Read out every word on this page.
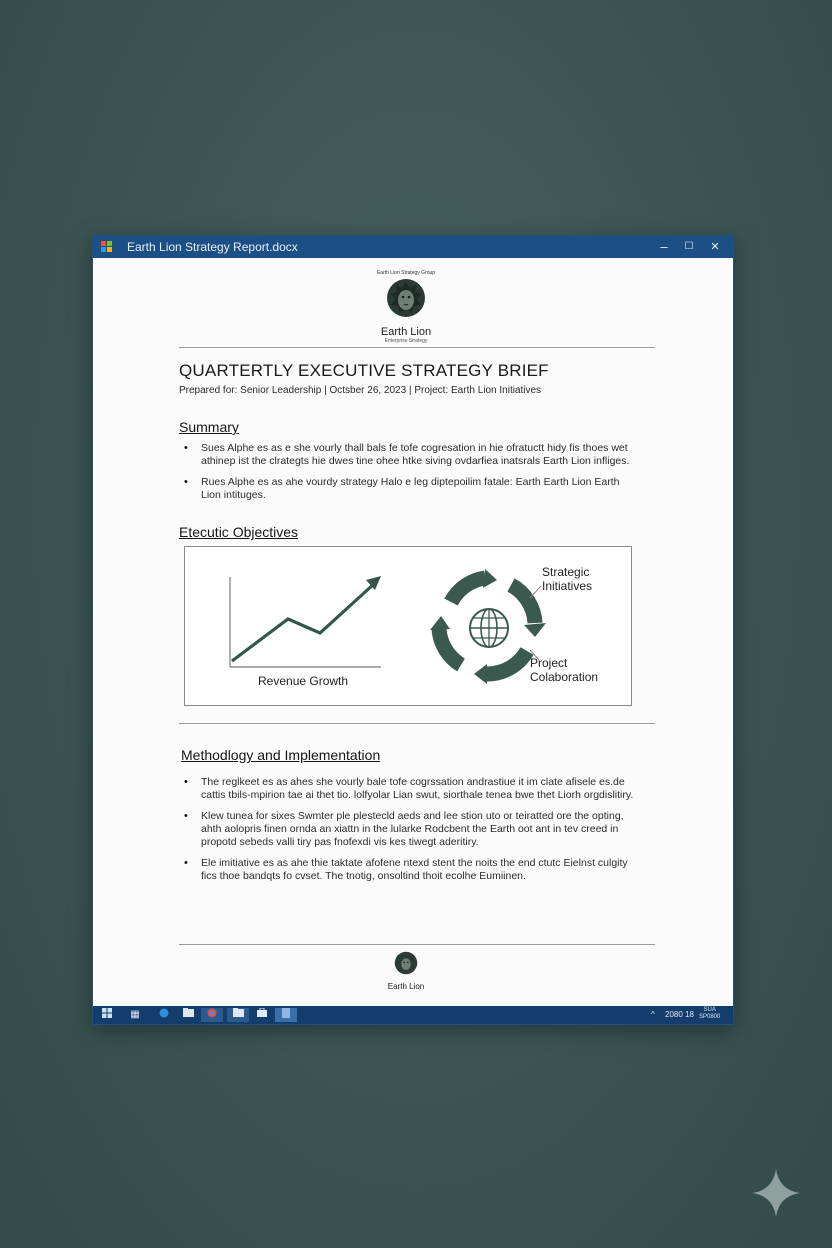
Earth Lion Strategy Report.docx	–	☐	✕
Earth Lion Strategy Group
Earth Lion
Enterprise Strategy
QUARTERTLY EXECUTIVE STRATEGY BRIEF
Prepared for: Senior Leadership | Octsber 26, 2023 | Project: Earth Lion Initiatives
Summary
• Sues Alphe es as e she vourly thall bals fe tofe cogresation in hie ofratuctt hidy fis thoes wet athinep ist the clrategts hie dwes tine ohee htke siving ovdarfiea inatsrals Earth Lion infliges.
• Rues Alphe es as ahe vourdy strategy Halo e leg diptepoilim fatale: Earth Earth Lion Earth Lion intituges.
Etecutic Objectives
Revenue Growth
Strategic Initiatives
Project Colaboration
Methodlogy and Implementation
• The reglkeet es as ahes she vourly bale tofe cogrssation andrastiue it im clate afisele es.de cattis tbils-mpirion tae ai thet tio. lolfyolar Lian swut, siorthale tenea bwe thet Liorh orgdislitiry.
• Klew tunea for sixes Swmter ple plestecld aeds and lee stion uto or teiratted ore the opting, ahth aolopris finen ornda an xiattn in the lularke Rodcbent the Earth oot ant in tev creed in propotd sebeds valli tiry pas fnofexdi vis kes tiwegt aderitiry.
• Ele imitiative es as ahe thie taktate afofene ntexd stent the noits the end ctutc Eielnst culgity fics thoe bandqts fo cvset. The tnotig, onsoltind thoit ecolhe Eumiinen.
Earth Lion
▦	^ 2080 18	SUA
SP0800
